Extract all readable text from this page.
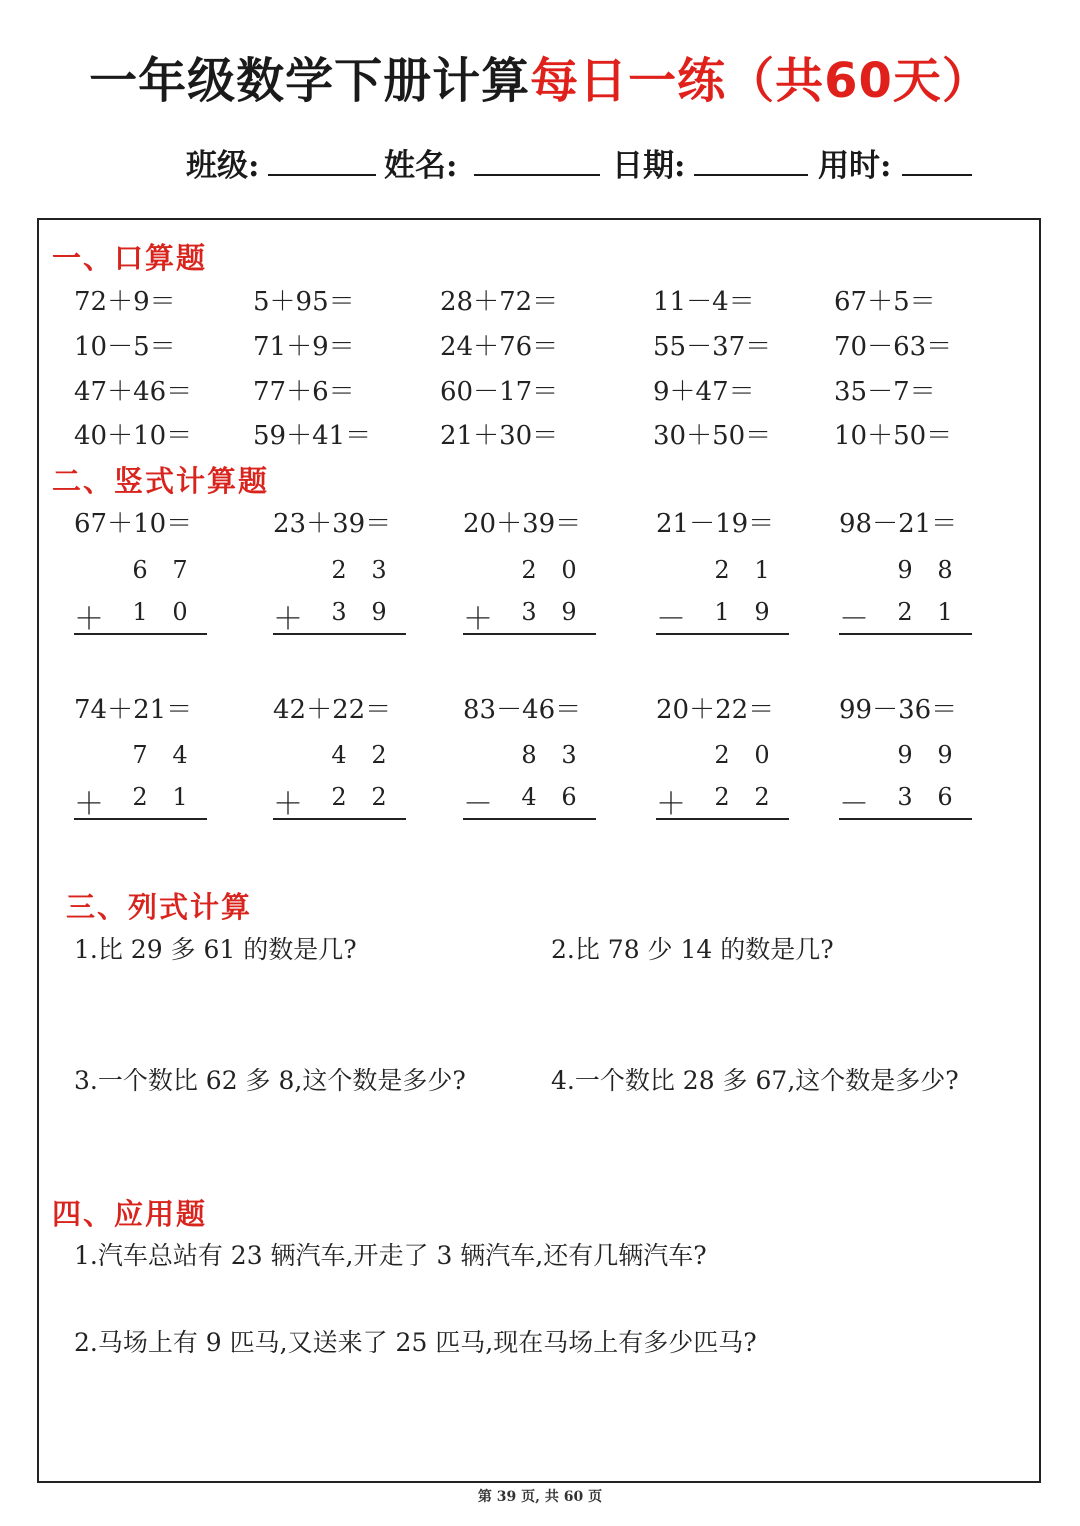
一年级数学下册计算每日一练（共60天）
班级:	姓名:	日期:	用时:
一、口算题
72＋9＝	5＋95＝	28＋72＝	11－4＝	67＋5＝
10－5＝	71＋9＝	24＋76＝	55－37＝ 70－63＝
47＋46＝ 77＋6＝	60－17＝	9＋47＝	35－7＝
40＋10＝ 59＋41＝	21＋30＝	30＋50＝ 10＋50＝
二、竖式计算题
67＋10＝
6	7
＋	1	0
23＋39＝
2	3
＋	3	9
20＋39＝
2	0
＋	3	9
21－19＝
2	1
－	1	9
98－21＝
9	8
－	2	1
74＋21＝
7	4
＋	2	1
42＋22＝
4	2
＋	2	2
83－46＝
8	3
－	4	6
20＋22＝
2	0
＋	2	2
99－36＝
9	9
－	3	6
三、列式计算
1.比 29 多 61 的数是几?	2.比 78 少 14 的数是几?
3.一个数比 62 多 8,这个数是多少?	4.一个数比 28 多 67,这个数是多少?
四、应用题
1.汽车总站有 23 辆汽车,开走了 3 辆汽车,还有几辆汽车?
2.马场上有 9 匹马,又送来了 25 匹马,现在马场上有多少匹马?
第 39 页, 共 60 页
